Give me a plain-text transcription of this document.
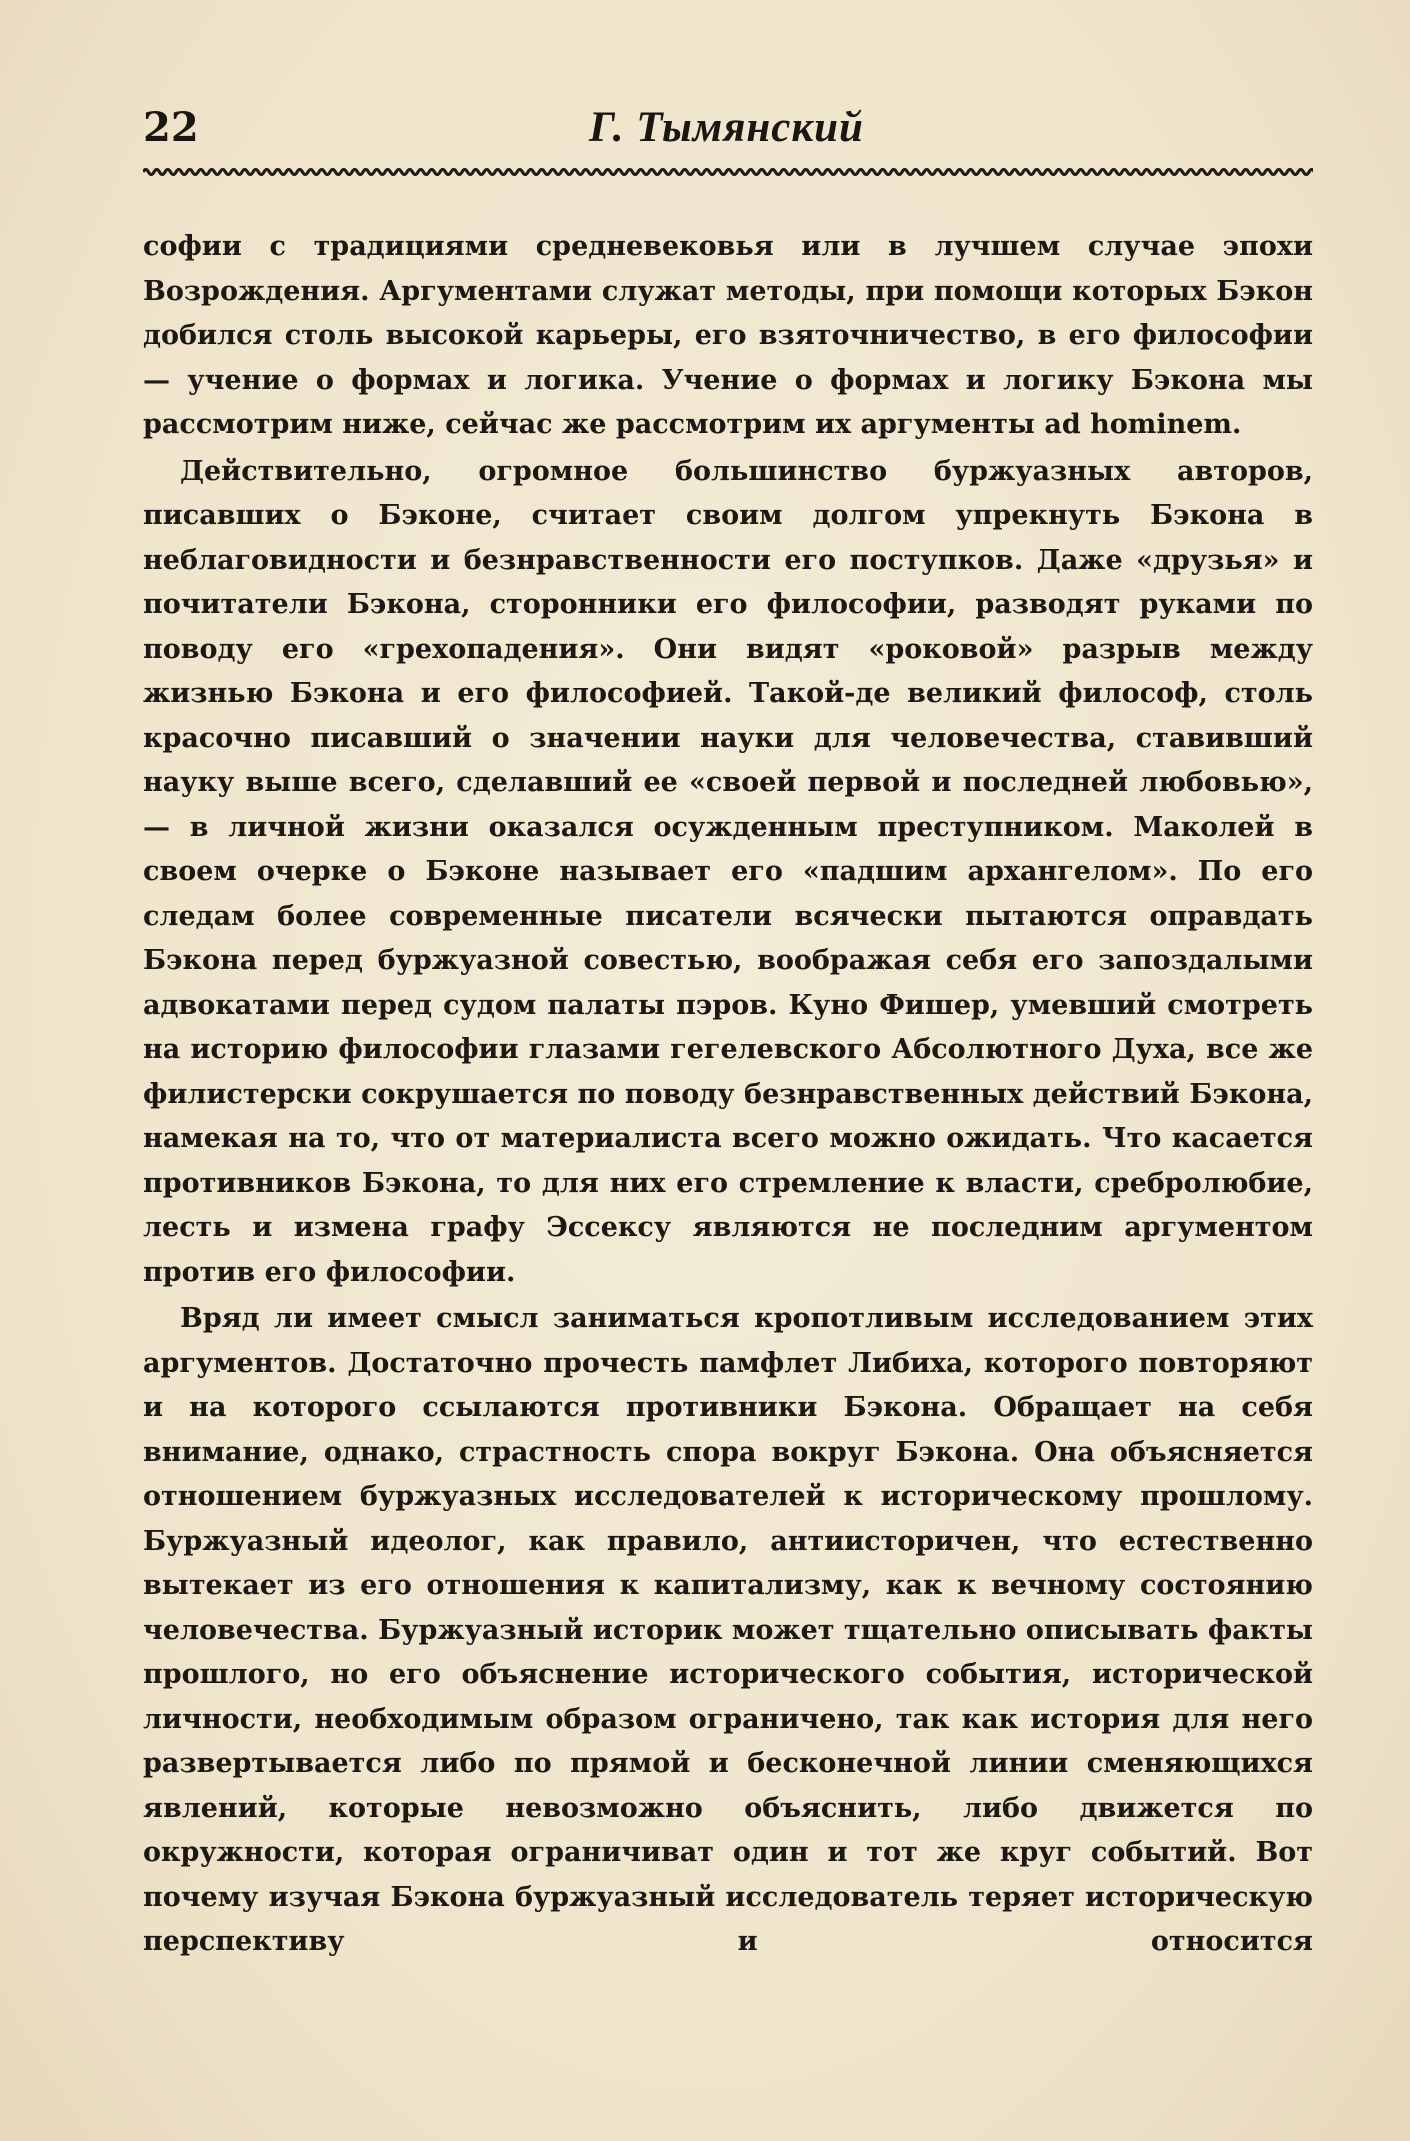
22	Г. Тымянский

софии с традициями средневековья или в лучшем случае эпохи Возрождения. Аргументами служат методы, при помощи которых Бэкон добился столь высокой карьеры, его взяточничество, в его философии — учение о формах и логика. Учение о формах и логику Бэкона мы рассмотрим ниже, сейчас же рассмотрим их аргументы ad hominem.

Действительно, огромное большинство буржуазных авторов, писавших о Бэконе, считает своим долгом упрекнуть Бэкона в неблаговидности и безнравственности его поступков. Даже «друзья» и почитатели Бэкона, сторонники его философии, разводят руками по поводу его «грехопадения». Они видят «роковой» разрыв между жизнью Бэкона и его философией. Такой-де великий философ, столь красочно писавший о значении науки для человечества, ставивший науку выше всего, сделавший ее «своей первой и последней любовью», — в личной жизни оказался осужденным преступником. Маколей в своем очерке о Бэконе называет его «падшим архангелом». По его следам более современные писатели всячески пытаются оправдать Бэкона перед буржуазной совестью, воображая себя его запоздалыми адвокатами перед судом палаты пэров. Куно Фишер, умевший смотреть на историю философии глазами гегелевского Абсолютного Духа, все же филистерски сокрушается по поводу безнравственных действий Бэкона, намекая на то, что от материалиста всего можно ожидать. Что касается противников Бэкона, то для них его стремление к власти, сребролюбие, лесть и измена графу Эссексу являются не последним аргументом против его философии.

Вряд ли имеет смысл заниматься кропотливым исследованием этих аргументов. Достаточно прочесть памфлет Либиха, которого повторяют и на которого ссылаются противники Бэкона. Обращает на себя внимание, однако, страстность спора вокруг Бэкона. Она объясняется отношением буржуазных исследователей к историческому прошлому. Буржуазный идеолог, как правило, антиисторичен, что естественно вытекает из его отношения к капитализму, как к вечному состоянию человечества. Буржуазный историк может тщательно описывать факты прошлого, но его объяснение исторического события, исторической личности, необходимым образом ограничено, так как история для него развертывается либо по прямой и бесконечной линии сменяющихся явлений, которые невозможно объяснить, либо движется по окружности, которая ограничиват один и тот же круг событий. Вот почему изучая Бэкона буржуазный исследователь теряет историческую перспективу и относится
